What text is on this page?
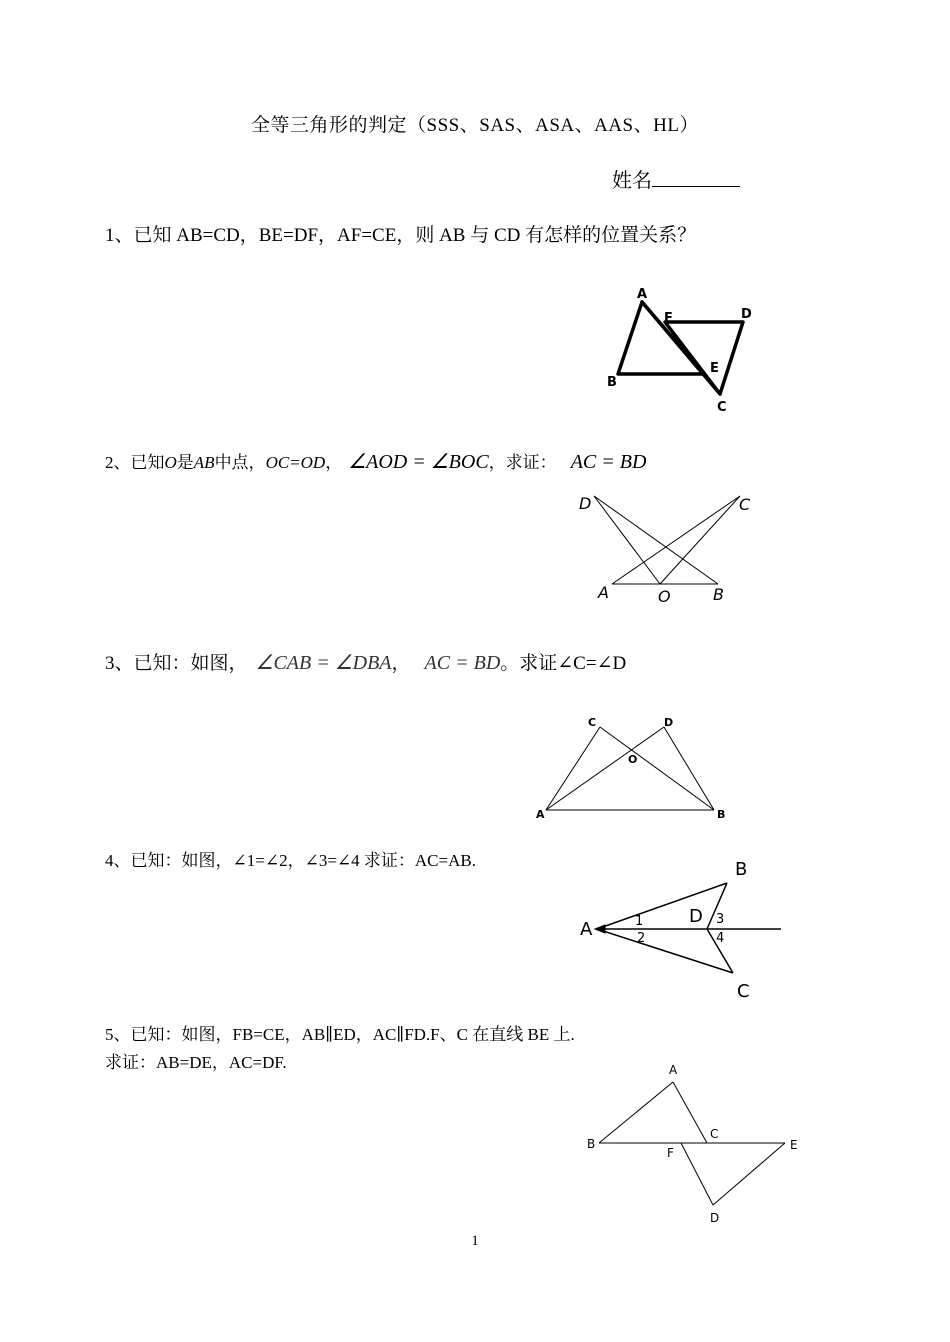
全等三角形的判定（SSS、SAS、ASA、AAS、HL）
姓名
1、已知 AB=CD，BE=DF，AF=CE，则 AB 与 CD 有怎样的位置关系？
A
F	D
E
B
C
2、已知O是AB中点，OC=OD， ∠AOD = ∠BOC，求证： AC = BD
D	C
A	O	B
3、已知：如图， ∠CAB = ∠DBA， AC = BD。求证∠C=∠D
C	D
O
A	B
4、已知：如图，∠1=∠2，∠3=∠4 求证：AC=AB.
A
B
C
D
1
2
3
4
5、已知：如图，FB=CE，AB∥ED，AC∥FD.F、C 在直线 BE 上.
求证：AB=DE，AC=DF.	A
B
C
F
E
D
1
